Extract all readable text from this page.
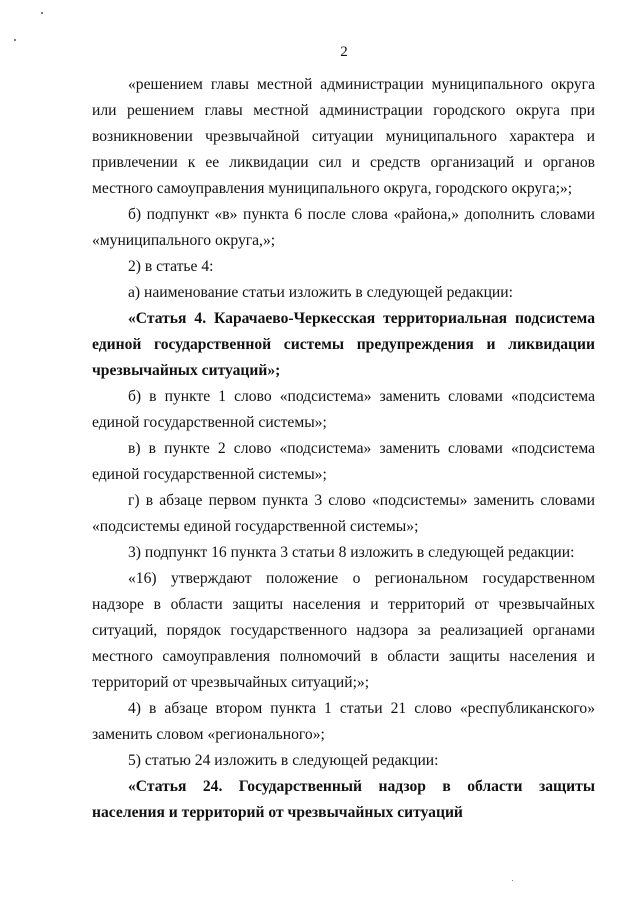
2

«решением главы местной администрации муниципального округа или решением главы местной администрации городского округа при возникновении чрезвычайной ситуации муниципального характера и привлечении к ее ликвидации сил и средств организаций и органов местного самоуправления муниципального округа, городского округа;»;

б) подпункт «в» пункта 6 после слова «района,» дополнить словами «муниципального округа,»;

2) в статье 4:

а) наименование статьи изложить в следующей редакции:

«Статья 4. Карачаево-Черкесская территориальная подсистема единой государственной системы предупреждения и ликвидации чрезвычайных ситуаций»;

б) в пункте 1 слово «подсистема» заменить словами «подсистема единой государственной системы»;

в) в пункте 2 слово «подсистема» заменить словами «подсистема единой государственной системы»;

г) в абзаце первом пункта 3 слово «подсистемы» заменить словами «подсистемы единой государственной системы»;

3) подпункт 16 пункта 3 статьи 8 изложить в следующей редакции:

«16) утверждают положение о региональном государственном надзоре в области защиты населения и территорий от чрезвычайных ситуаций, порядок государственного надзора за реализацией органами местного самоуправления полномочий в области защиты населения и территорий от чрезвычайных ситуаций;»;

4) в абзаце втором пункта 1 статьи 21 слово «республиканского» заменить словом «регионального»;

5) статью 24 изложить в следующей редакции:

«Статья 24. Государственный надзор в области защиты населения и территорий от чрезвычайных ситуаций
